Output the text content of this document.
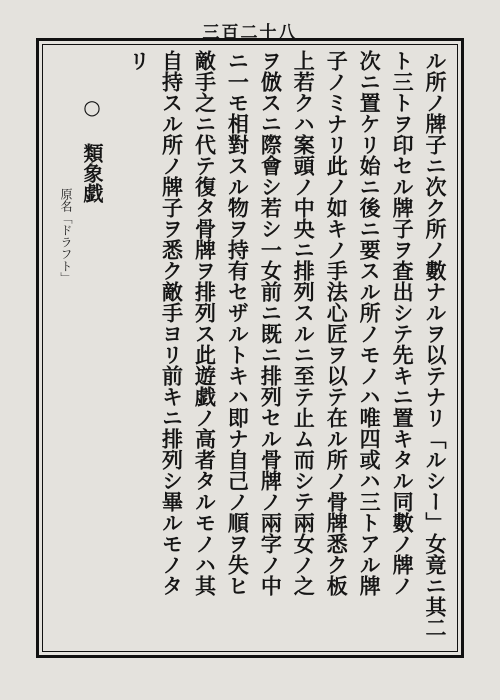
三百二十八
ル所ノ牌子ニ次ク所ノ數ナルヲ以テナリ「ルシー」女竟ニ其二
ト三トヲ印セル牌子ヲ査出シテ先キニ置キタル同數ノ牌ノ
次ニ置ケリ始ニ後ニ要スル所ノモノハ唯四或ハ三トアル牌
子ノミナリ此ノ如キノ手法心匠ヲ以テ在ル所ノ骨牌悉ク板
上若クハ案頭ノ中央ニ排列スルニ至テ止ム而シテ兩女ノ之
ヲ倣スニ際會シ若シ一女前ニ既ニ排列セル骨牌ノ兩字ノ中
ニ一モ相對スル物ヲ持有セザルトキハ即ナ自己ノ順ヲ失ヒ
敵手之ニ代テ復タ骨牌ヲ排列ス此遊戯ノ高者タルモノハ其
自持スル所ノ牌子ヲ悉ク敵手ヨリ前キニ排列シ畢ルモノタ
リ
○ 類象戯
原名「ドラフト」
